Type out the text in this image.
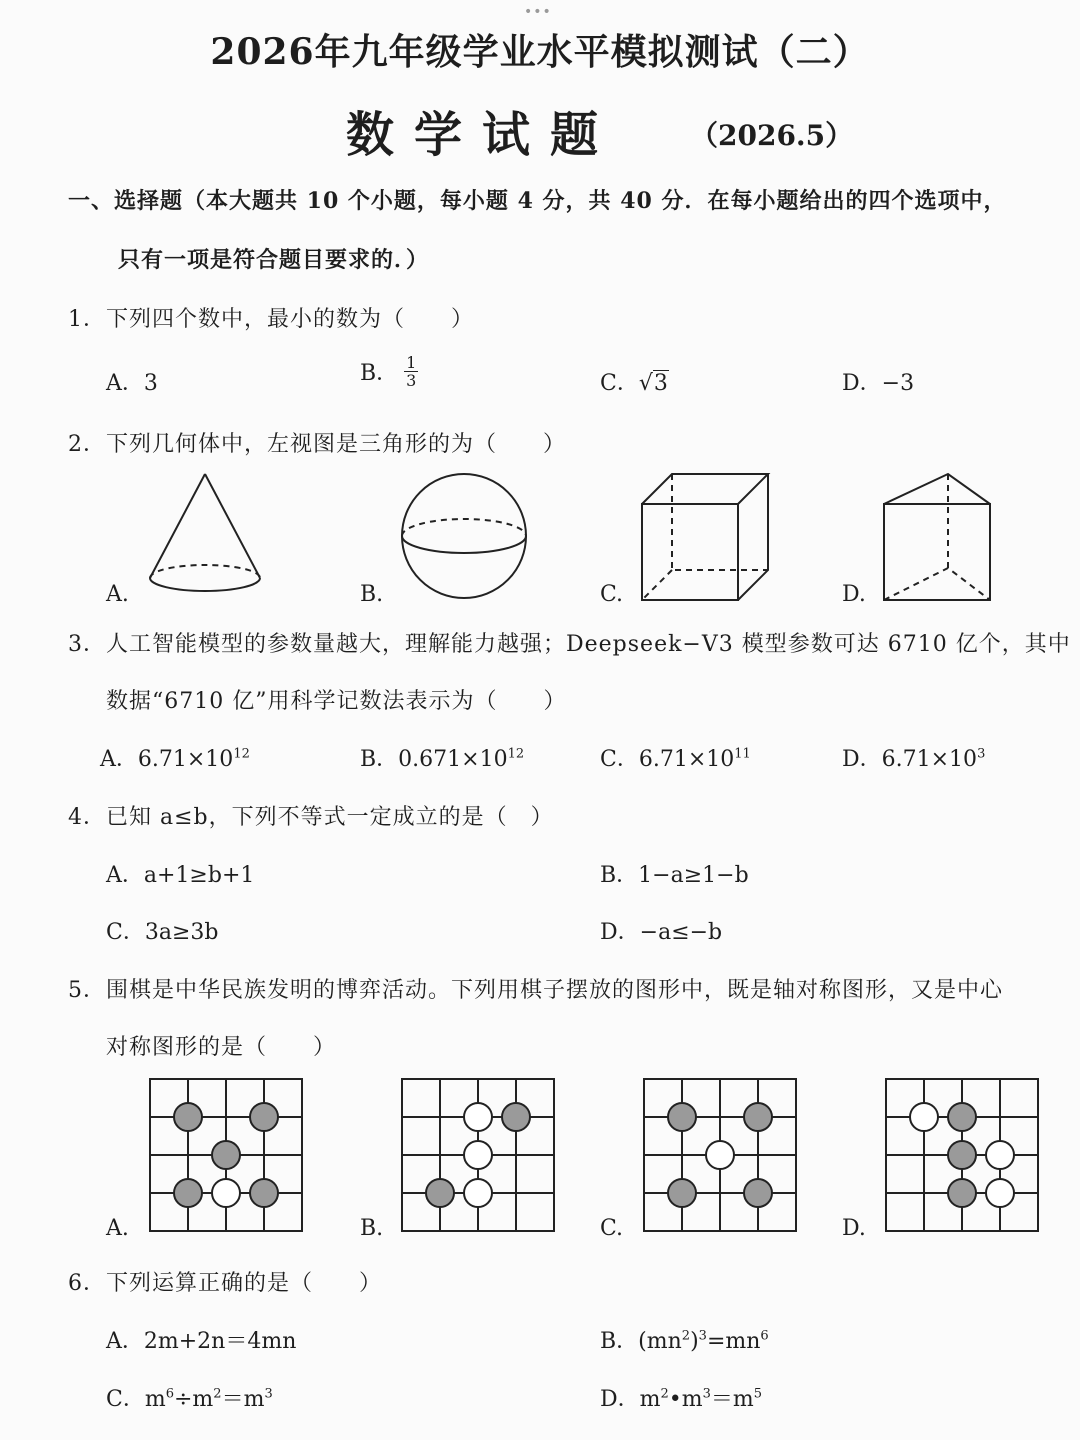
•••
2026年九年级学业水平模拟测试（二）
数学试题	（2026.5）
一、选择题（本大题共 10 个小题，每小题 4 分，共 40 分．在每小题给出的四个选项中，
只有一项是符合题目要求的．）
1．下列四个数中，最小的数为（　　）
A．3	B． $\frac{1}{3}$	C．√3	D．−3
2．下列几何体中，左视图是三角形的为（　　）
A.	B.	C.	D.
3．人工智能模型的参数量越大，理解能力越强；Deepseek−V3 模型参数可达 6710 亿个，其中
数据“6710 亿”用科学记数法表示为（　　）
A．$6.71\times 10^{12}$	B．$0.671\times 10^{12}$	C．$6.71\times 10^{11}$	D．$6.71\times 10^3$
4．已知 a≤b，下列不等式一定成立的是（　）
A．a+1≥b+1	B．1−a≥1−b
C．3a≥3b	D．−a≤−b
5．围棋是中华民族发明的博弈活动。下列用棋子摆放的图形中，既是轴对称图形，又是中心
对称图形的是（　　）
A.	B.	C.	D.
6．下列运算正确的是（　　）
A．2m+2n＝4mn	B．$(mn^2)^3=mn^6$
C．$m^6\div m^2=m^3$	D．$m^2•m^3=m^5$
